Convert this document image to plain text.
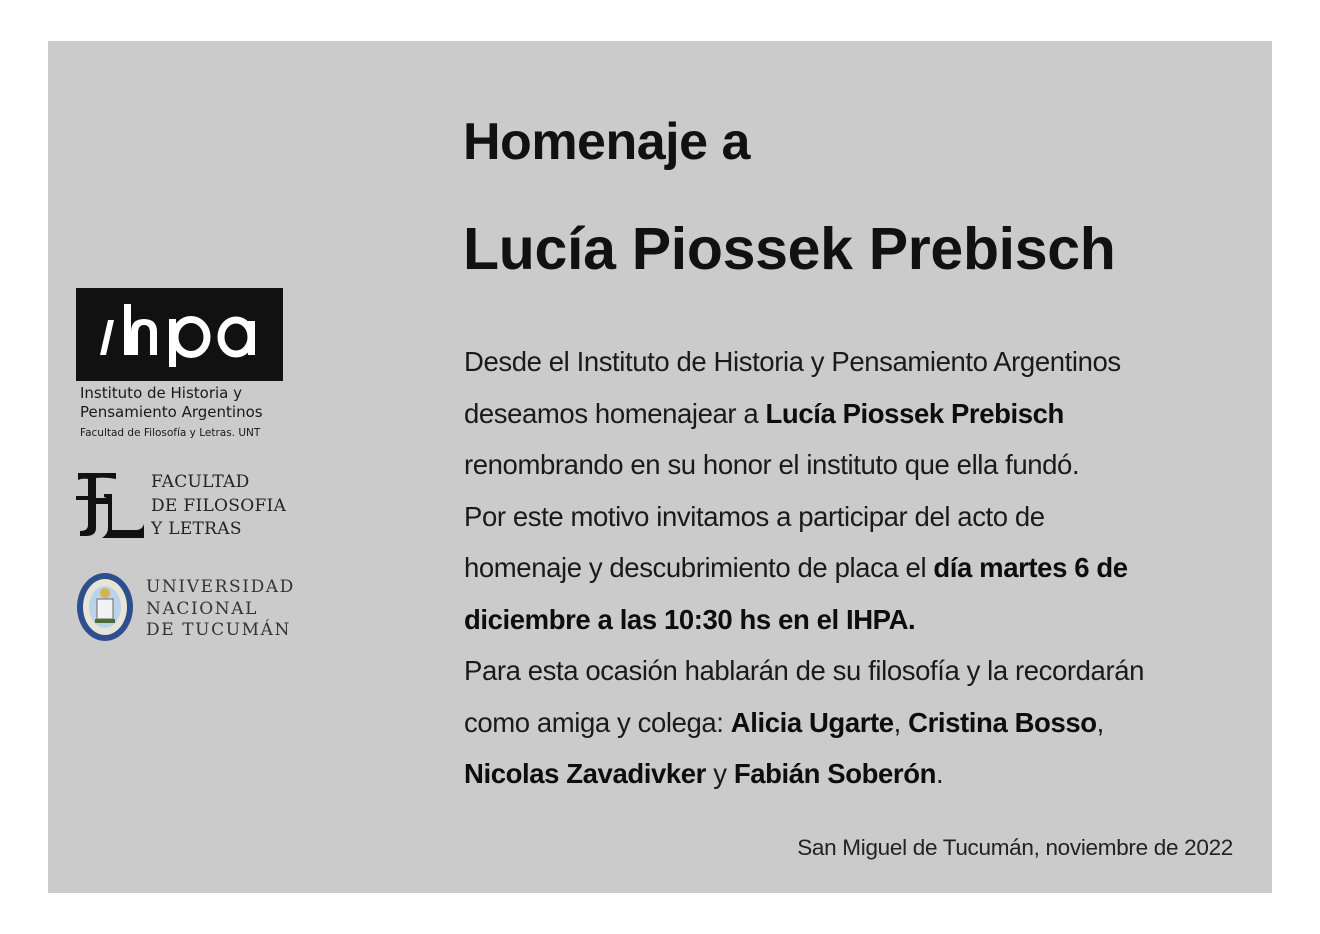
Instituto de Historia y
Pensamiento Argentinos
Facultad de Filosofía y Letras. UNT
FACULTAD
DE FILOSOFIA
Y LETRAS
UNIVERSIDAD
NACIONAL
DE TUCUMÁN
Homenaje a
Lucía Piossek Prebisch
Desde el Instituto de Historia y Pensamiento Argentinos
deseamos homenajear a Lucía Piossek Prebisch
renombrando en su honor el instituto que ella fundó.
Por este motivo invitamos a participar del acto de
homenaje y descubrimiento de placa el día martes 6 de
diciembre a las 10:30 hs en el IHPA.
Para esta ocasión hablarán de su filosofía y la recordarán
como amiga y colega: Alicia Ugarte, Cristina Bosso,
Nicolas Zavadivker y Fabián Soberón.
San Miguel de Tucumán, noviembre de 2022
